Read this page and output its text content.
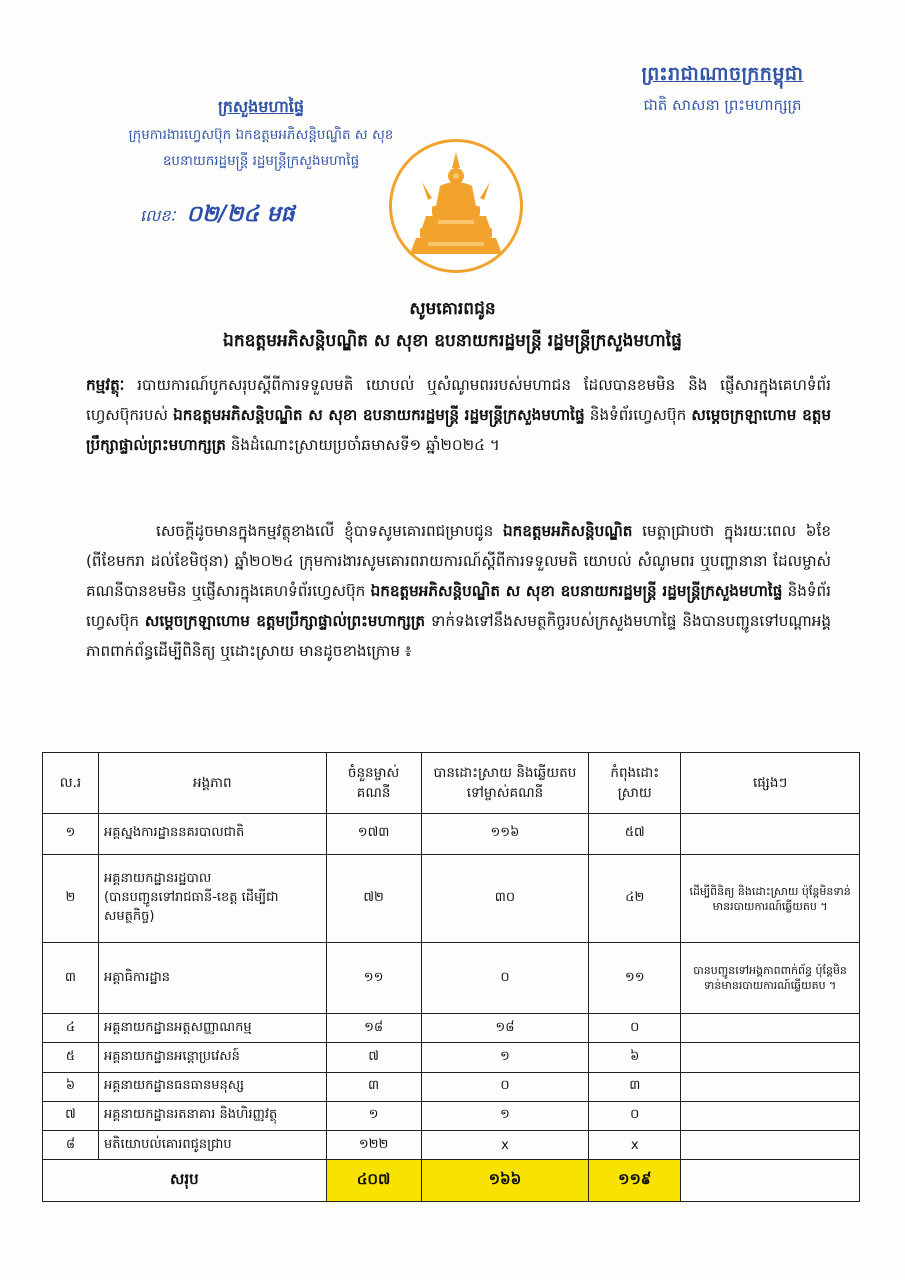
ព្រះរាជាណាចក្រកម្ពុជា
ជាតិ សាសនា ព្រះមហាក្សត្រ
ក្រសួងមហាផ្ទៃ
ក្រុមការងារហ្វេសប៊ុក ឯកឧត្តមអភិសន្តិបណ្ឌិត ស សុខ
ឧបនាយករដ្ឋមន្ត្រី រដ្ឋមន្ត្រីក្រសួងមហាផ្ទៃ
លេខៈ ០២/២៤ មផ
សូមគោរពជូន
ឯកឧត្តមអភិសន្តិបណ្ឌិត ស សុខា ឧបនាយករដ្ឋមន្ត្រី រដ្ឋមន្ត្រីក្រសួងមហាផ្ទៃ
កម្មវត្ថុៈ របាយការណ៍បូកសរុបស្តីពីការទទួលមតិ យោបល់ ឬសំណូមពររបស់មហាជន ដែលបានខមមិន និង ផ្ញើសារក្នុងគេហទំព័រហ្វេសប៊ុករបស់ ឯកឧត្តមអភិសន្តិបណ្ឌិត ស សុខា ឧបនាយករដ្ឋមន្ត្រី រដ្ឋមន្ត្រីក្រសួងមហាផ្ទៃ និងទំព័រហ្វេសប៊ុក សម្តេចក្រឡាហោម ឧត្តមប្រឹក្សាផ្ទាល់ព្រះមហាក្សត្រ និងដំណោះស្រាយប្រចាំឆមាសទី១ ឆ្នាំ២០២៤ ។
សេចក្តីដូចមានក្នុងកម្មវត្ថុខាងលើ ខ្ញុំបាទសូមគោរពជម្រាបជូន ឯកឧត្តមអភិសន្តិបណ្ឌិត មេត្តាជ្រាបថា ក្នុងរយៈពេល ៦ខែ (ពីខែមករា ដល់ខែមិថុនា) ឆ្នាំ២០២៤ ក្រុមការងារសូមគោរពរាយការណ៍ស្តីពីការទទួលមតិ យោបល់ សំណូមពរ ឬបញ្ហានានា ដែលម្ចាស់គណនីបានខមមិន ឬផ្ញើសារក្នុងគេហទំព័រហ្វេសប៊ុក ឯកឧត្តមអភិសន្តិបណ្ឌិត ស សុខា ឧបនាយករដ្ឋមន្ត្រី រដ្ឋមន្ត្រីក្រសួងមហាផ្ទៃ និងទំព័រហ្វេសប៊ុក សម្តេចក្រឡាហោម ឧត្តមប្រឹក្សាផ្ទាល់ព្រះមហាក្សត្រ ទាក់ទងទៅនឹងសមត្ថកិច្ចរបស់ក្រសួងមហាផ្ទៃ និងបានបញ្ជូនទៅបណ្តាអង្គភាពពាក់ព័ន្ធដើម្បីពិនិត្យ ឬដោះស្រាយ មានដូចខាងក្រោម ៖
ល.រ	អង្គភាព	ចំនួនម្ចាស់គណនី	បានដោះស្រាយ និងឆ្លើយតបទៅម្ចាស់គណនី	កំពុងដោះស្រាយ	ផ្សេងៗ
១	អគ្គស្នងការដ្ឋាននគរបាលជាតិ	១៧៣	១១៦	៥៧	
២	អគ្គនាយកដ្ឋានរដ្ឋបាល
(បានបញ្ជូនទៅរាជធានី-ខេត្ត ដើម្បីជាសមត្ថកិច្ច)	៧២	៣០	៤២	ដើម្បីពិនិត្យ និងដោះស្រាយ ប៉ុន្តែមិនទាន់មានរបាយការណ៍ឆ្លើយតប ។
៣	អគ្គាធិការដ្ឋាន	១១	០	១១	បានបញ្ជូនទៅអង្គភាពពាក់ព័ន្ធ ប៉ុន្តែមិនទាន់មានរបាយការណ៍ឆ្លើយតប ។
៤	អគ្គនាយកដ្ឋានអត្តសញ្ញាណកម្ម	១៨	១៨	០	
៥	អគ្គនាយកដ្ឋានអន្តោប្រវេសន៍	៧	១	៦	
៦	អគ្គនាយកដ្ឋានធនធានមនុស្ស	៣	០	៣	
៧	អគ្គនាយកដ្ឋានរតនាគារ និងហិរញ្ញវត្ថុ	១	១	០	
៨	មតិយោបល់គោរពជូនជ្រាប	១២២	x	x	
សរុប		៤០៧	១៦៦	១១៩	
